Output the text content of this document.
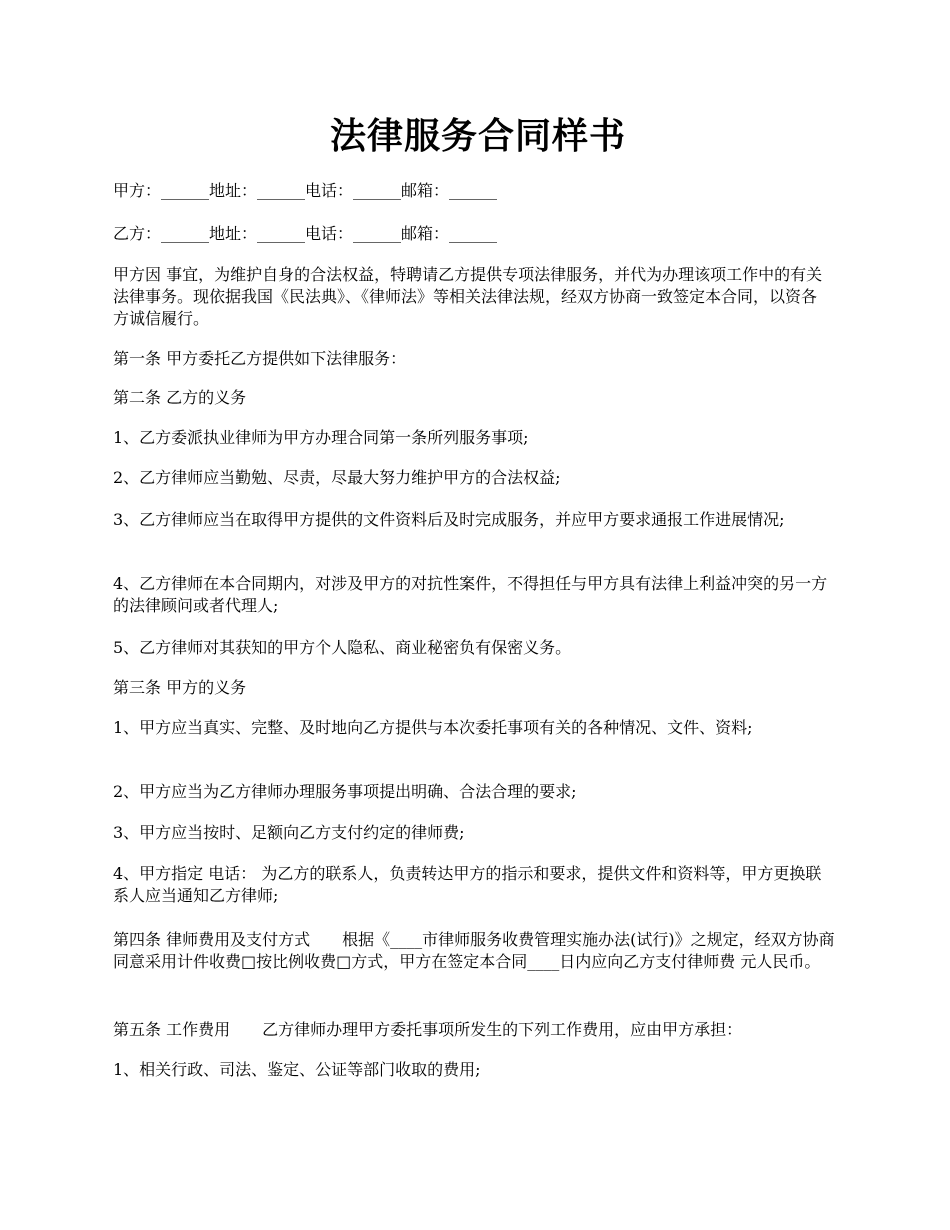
法律服务合同样书

甲方：______地址：______电话：______邮箱：______

乙方：______地址：______电话：______邮箱：______

甲方因 事宜，为维护自身的合法权益，特聘请乙方提供专项法律服务，并代为办理该项工作中的有关法律事务。现依据我国《民法典》、《律师法》等相关法律法规，经双方协商一致签定本合同，以资各方诚信履行。

第一条 甲方委托乙方提供如下法律服务：

第二条 乙方的义务

1、乙方委派执业律师为甲方办理合同第一条所列服务事项;

2、乙方律师应当勤勉、尽责，尽最大努力维护甲方的合法权益;

3、乙方律师应当在取得甲方提供的文件资料后及时完成服务，并应甲方要求通报工作进展情况;

4、乙方律师在本合同期内，对涉及甲方的对抗性案件，不得担任与甲方具有法律上利益冲突的另一方的法律顾问或者代理人;

5、乙方律师对其获知的甲方个人隐私、商业秘密负有保密义务。

第三条 甲方的义务

1、甲方应当真实、完整、及时地向乙方提供与本次委托事项有关的各种情况、文件、资料;

2、甲方应当为乙方律师办理服务事项提出明确、合法合理的要求;

3、甲方应当按时、足额向乙方支付约定的律师费;

4、甲方指定 电话： 为乙方的联系人，负责转达甲方的指示和要求，提供文件和资料等，甲方更换联系人应当通知乙方律师;

第四条 律师费用及支付方式　　根据《____市律师服务收费管理实施办法(试行)》之规定，经双方协商同意采用计件收费□按比例收费□方式，甲方在签定本合同____日内应向乙方支付律师费 元人民币。

第五条 工作费用　　乙方律师办理甲方委托事项所发生的下列工作费用，应由甲方承担：

1、相关行政、司法、鉴定、公证等部门收取的费用;
